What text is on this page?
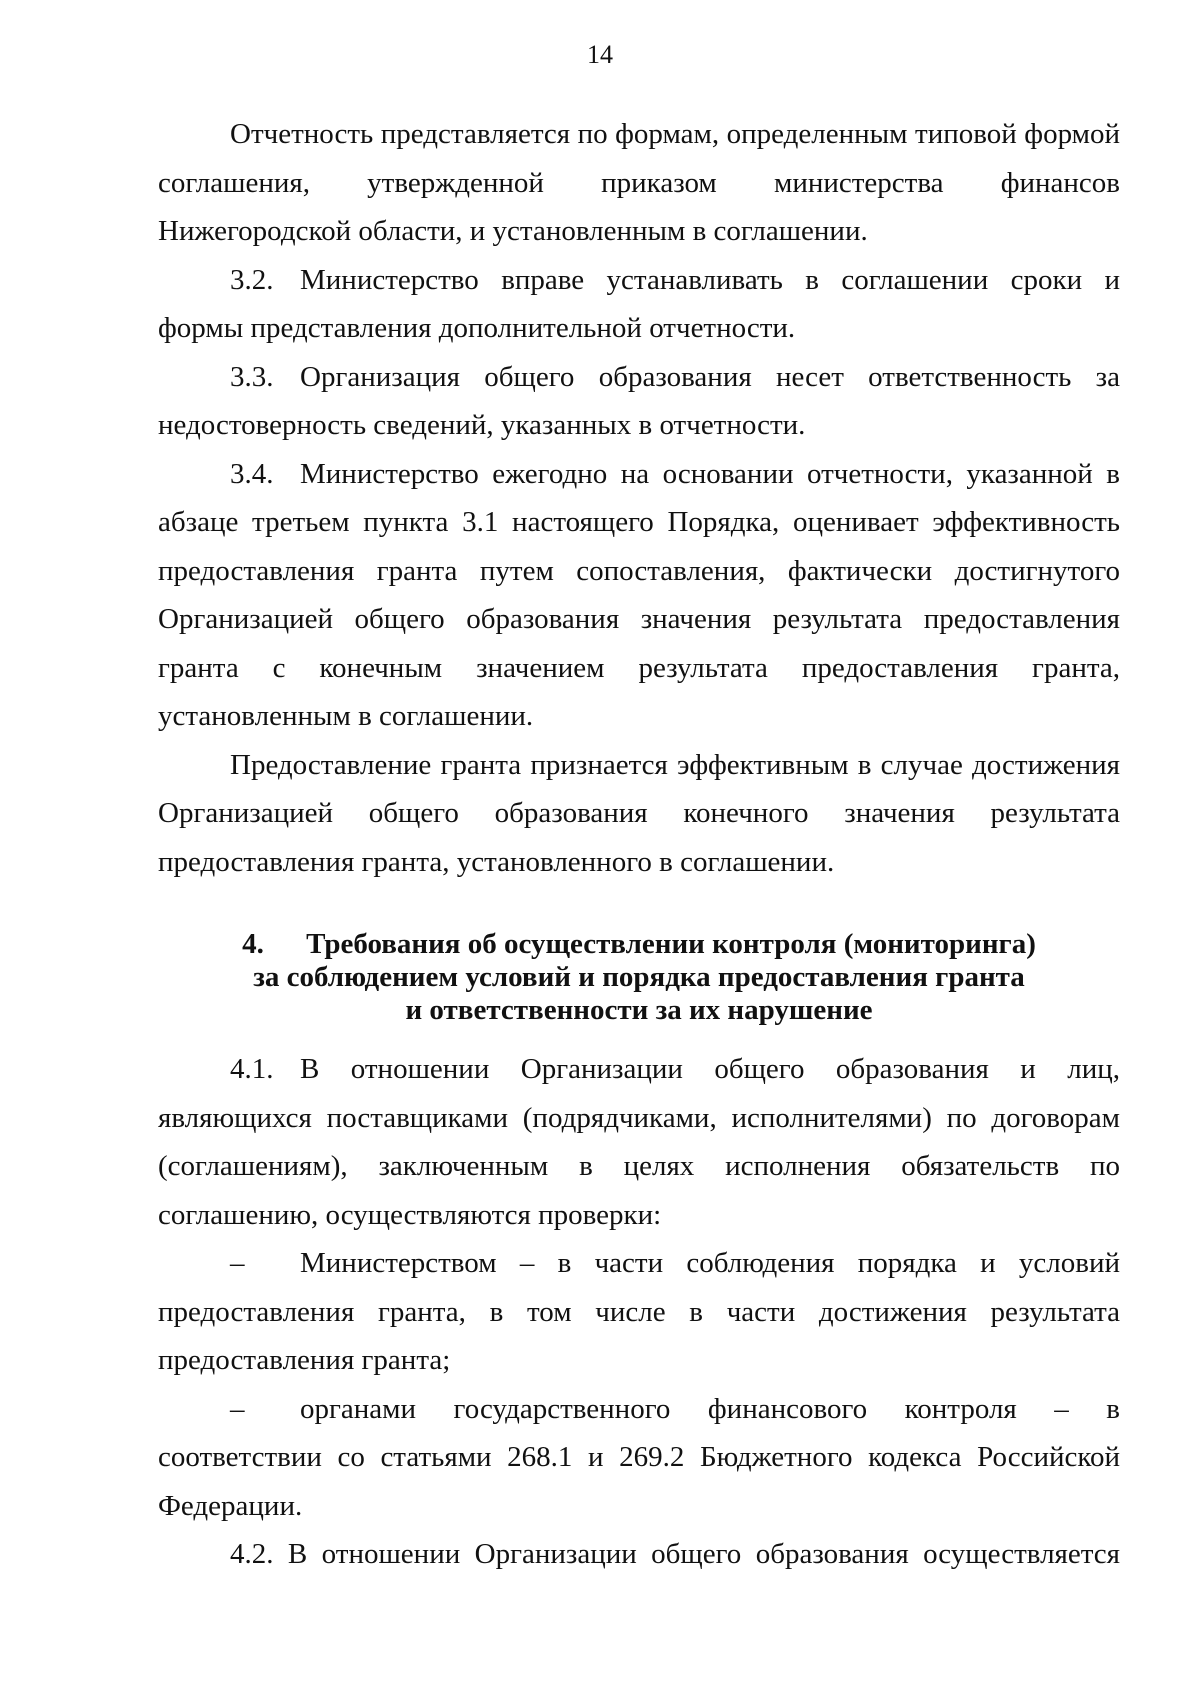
14

Отчетность представляется по формам, определенным типовой формой соглашения, утвержденной приказом министерства финансов Нижегородской области, и установленным в соглашении.

3.2. Министерство вправе устанавливать в соглашении сроки и формы представления дополнительной отчетности.

3.3. Организация общего образования несет ответственность за недостоверность сведений, указанных в отчетности.

3.4. Министерство ежегодно на основании отчетности, указанной в абзаце третьем пункта 3.1 настоящего Порядка, оценивает эффективность предоставления гранта путем сопоставления, фактически достигнутого Организацией общего образования значения результата предоставления гранта с конечным значением результата предоставления гранта, установленным в соглашении.

Предоставление гранта признается эффективным в случае достижения Организацией общего образования конечного значения результата предоставления гранта, установленного в соглашении.

4. Требования об осуществлении контроля (мониторинга)
за соблюдением условий и порядка предоставления гранта
и ответственности за их нарушение

4.1. В отношении Организации общего образования и лиц, являющихся поставщиками (подрядчиками, исполнителями) по договорам (соглашениям), заключенным в целях исполнения обязательств по соглашению, осуществляются проверки:

– Министерством – в части соблюдения порядка и условий предоставления гранта, в том числе в части достижения результата предоставления гранта;

– органами государственного финансового контроля – в соответствии со статьями 268.1 и 269.2 Бюджетного кодекса Российской Федерации.

4.2. В отношении Организации общего образования осуществляется
